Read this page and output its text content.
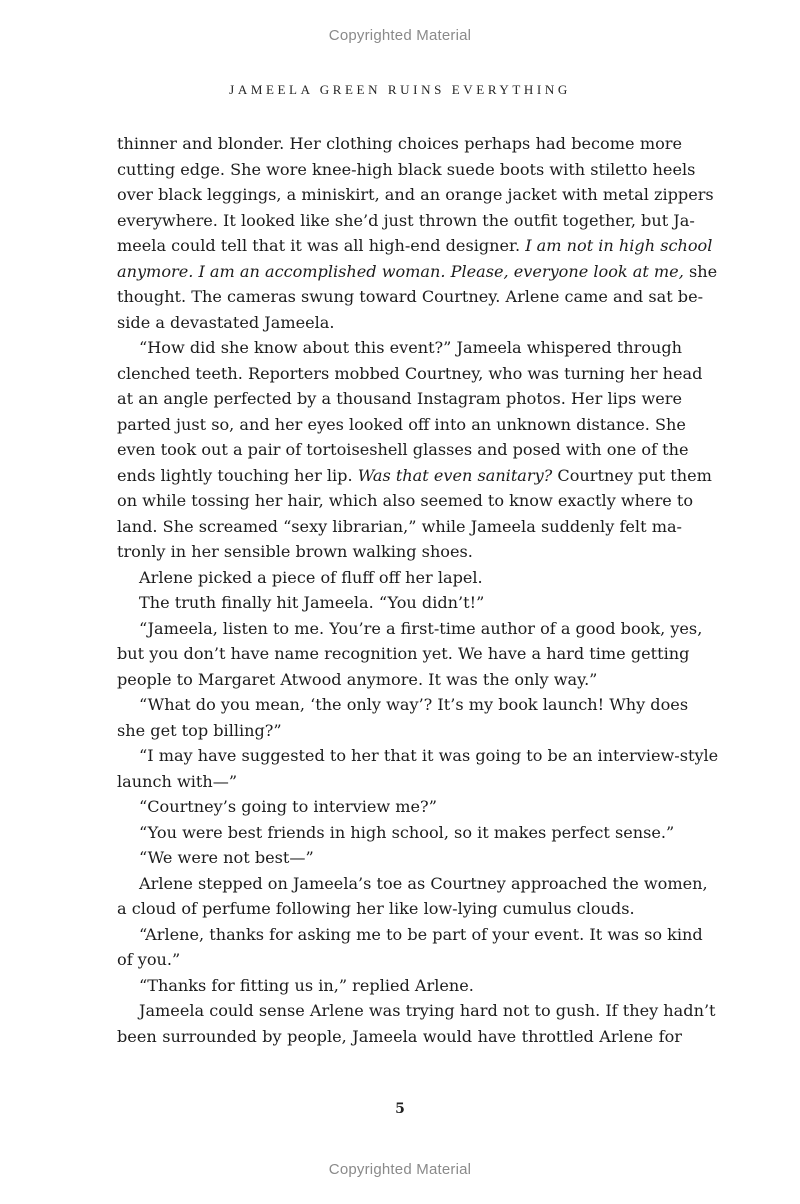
Copyrighted Material
JAMEELA GREEN RUINS EVERYTHING
thinner and blonder. Her clothing choices perhaps had become more
cutting edge. She wore knee-high black suede boots with stiletto heels
over black leggings, a miniskirt, and an orange jacket with metal zippers
everywhere. It looked like she’d just thrown the outfit together, but Ja-
meela could tell that it was all high-end designer. I am not in high school
anymore. I am an accomplished woman. Please, everyone look at me, she
thought. The cameras swung toward Courtney. Arlene came and sat be-
side a devastated Jameela.
“How did she know about this event?” Jameela whispered through
clenched teeth. Reporters mobbed Courtney, who was turning her head
at an angle perfected by a thousand Instagram photos. Her lips were
parted just so, and her eyes looked off into an unknown distance. She
even took out a pair of tortoiseshell glasses and posed with one of the
ends lightly touching her lip. Was that even sanitary? Courtney put them
on while tossing her hair, which also seemed to know exactly where to
land. She screamed “sexy librarian,” while Jameela suddenly felt ma-
tronly in her sensible brown walking shoes.
Arlene picked a piece of fluff off her lapel.
The truth finally hit Jameela. “You didn’t!”
“Jameela, listen to me. You’re a first-time author of a good book, yes,
but you don’t have name recognition yet. We have a hard time getting
people to Margaret Atwood anymore. It was the only way.”
“What do you mean, ‘the only way’? It’s my book launch! Why does
she get top billing?”
“I may have suggested to her that it was going to be an interview-style
launch with—”
“Courtney’s going to interview me?”
“You were best friends in high school, so it makes perfect sense.”
“We were not best—”
Arlene stepped on Jameela’s toe as Courtney approached the women,
a cloud of perfume following her like low-lying cumulus clouds.
“Arlene, thanks for asking me to be part of your event. It was so kind
of you.”
“Thanks for fitting us in,” replied Arlene.
Jameela could sense Arlene was trying hard not to gush. If they hadn’t
been surrounded by people, Jameela would have throttled Arlene for
5
Copyrighted Material
